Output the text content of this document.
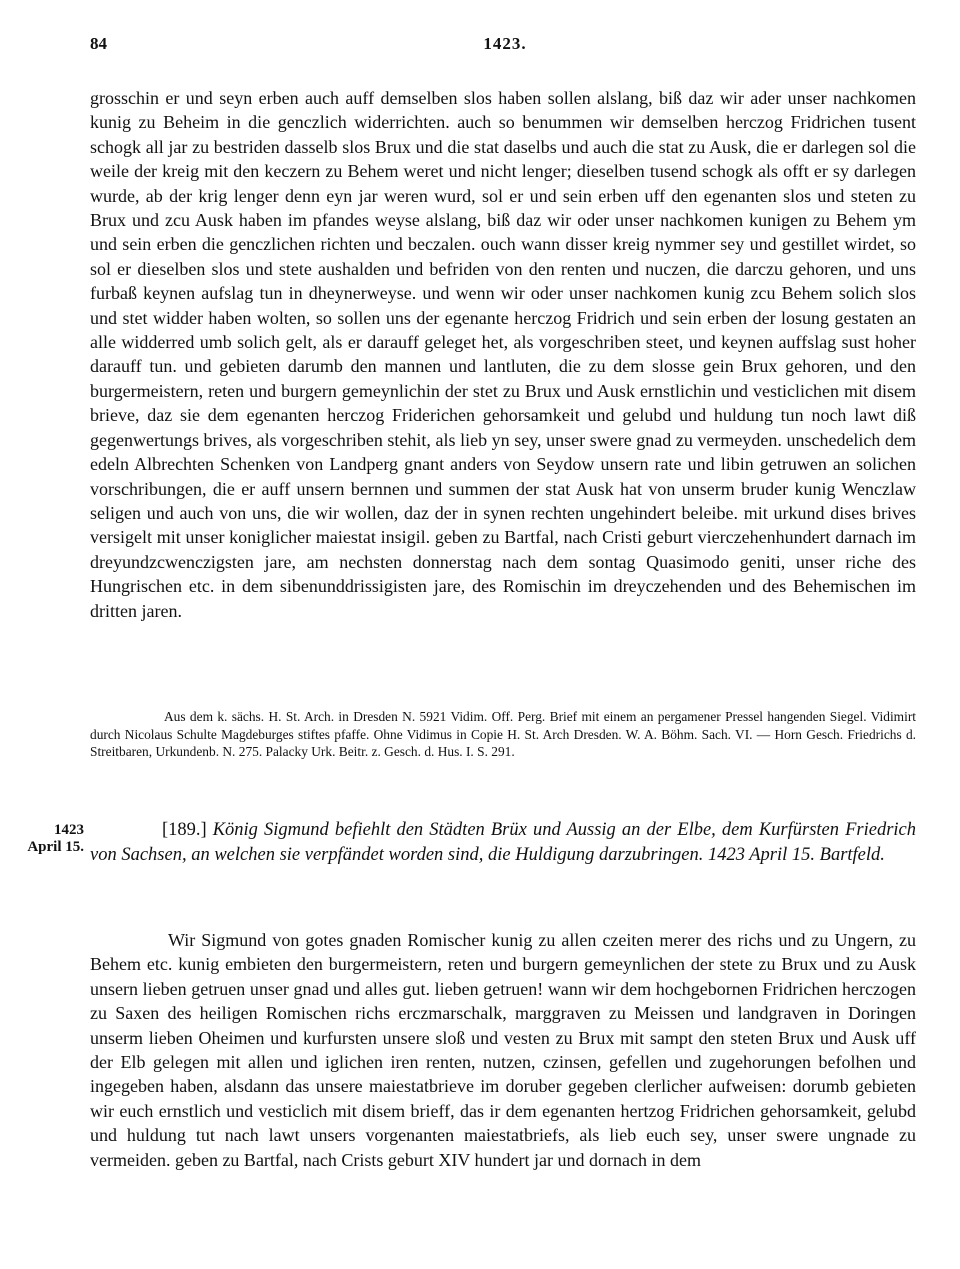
84	1423.
grosschin er und seyn erben auch auff demselben slos haben sollen alslang, biß daz wir ader unser nachkomen kunig zu Beheim in die genczlich widerrichten. auch so benummen wir demselben herczog Fridrichen tusent schogk all jar zu bestriden dasselb slos Brux und die stat daselbs und auch die stat zu Ausk, die er darlegen sol die weile der kreig mit den keczern zu Behem weret und nicht lenger; dieselben tusend schogk als offt er sy darlegen wurde, ab der krig lenger denn eyn jar weren wurd, sol er und sein erben uff den egenanten slos und steten zu Brux und zcu Ausk haben im pfandes weyse alslang, biß daz wir oder unser nachkomen kunigen zu Behem ym und sein erben die genczlichen richten und beczalen. ouch wann disser kreig nymmer sey und gestillet wirdet, so sol er dieselben slos und stete aushalden und befriden von den renten und nuczen, die darczu gehoren, und uns furbaß keynen aufslag tun in dheynerweyse. und wenn wir oder unser nachkomen kunig zcu Behem solich slos und stet widder haben wolten, so sollen uns der egenante herczog Fridrich und sein erben der losung gestaten an alle widderred umb solich gelt, als er darauff geleget het, als vorgeschriben steet, und keynen auffslag sust hoher darauff tun. und gebieten darumb den mannen und lantluten, die zu dem slosse gein Brux gehoren, und den burgermeistern, reten und burgern gemeynlichin der stet zu Brux und Ausk ernstlichin und vesticlichen mit disem brieve, daz sie dem egenanten herczog Friderichen gehorsamkeit und gelubd und huldung tun noch lawt diß gegenwertungs brives, als vorgeschriben stehit, als lieb yn sey, unser swere gnad zu vermeyden. unschedelich dem edeln Albrechten Schenken von Landperg gnant anders von Seydow unsern rate und libin getruwen an solichen vorschribungen, die er auff unsern bernnen und summen der stat Ausk hat von unserm bruder kunig Wenczlaw seligen und auch von uns, die wir wollen, daz der in synen rechten ungehindert beleibe. mit urkund dises brives versigelt mit unser koniglicher maiestat insigil. geben zu Bartfal, nach Cristi geburt vierczehenhundert darnach im dreyundzcwenczigsten jare, am nechsten donnerstag nach dem sontag Quasimodo geniti, unser riche des Hungrischen etc. in dem sibenunddrissigisten jare, des Romischin im dreyczehenden und des Behemischen im dritten jaren.
Aus dem k. sächs. H. St. Arch. in Dresden N. 5921 Vidim. Off. Perg. Brief mit einem an pergamener Pressel hangenden Siegel. Vidimirt durch Nicolaus Schulte Magdeburges stiftes pfaffe. Ohne Vidimus in Copie H. St. Arch Dresden. W. A. Böhm. Sach. VI. — Horn Gesch. Friedrichs d. Streitbaren, Urkundenb. N. 275. Palacky Urk. Beitr. z. Gesch. d. Hus. I. S. 291.
1423
April 15.
[189.] König Sigmund befiehlt den Städten Brüx und Aussig an der Elbe, dem Kurfürsten Friedrich von Sachsen, an welchen sie verpfändet worden sind, die Huldigung darzubringen. 1423 April 15. Bartfeld.
Wir Sigmund von gotes gnaden Romischer kunig zu allen czeiten merer des richs und zu Ungern, zu Behem etc. kunig embieten den burgermeistern, reten und burgern gemeynlichen der stete zu Brux und zu Ausk unsern lieben getruen unser gnad und alles gut. lieben getruen! wann wir dem hochgebornen Fridrichen herczogen zu Saxen des heiligen Romischen richs erczmarschalk, marggraven zu Meissen und landgraven in Doringen unserm lieben Oheimen und kurfursten unsere sloß und vesten zu Brux mit sampt den steten Brux und Ausk uff der Elb gelegen mit allen und iglichen iren renten, nutzen, czinsen, gefellen und zugehorungen befolhen und ingegeben haben, alsdann das unsere maiestatbrieve im doruber gegeben clerlicher aufweisen: dorumb gebieten wir euch ernstlich und vesticlich mit disem brieff, das ir dem egenanten hertzog Fridrichen gehorsamkeit, gelubd und huldung tut nach lawt unsers vorgenanten maiestatbriefs, als lieb euch sey, unser swere ungnade zu vermeiden. geben zu Bartfal, nach Crists geburt XIV hundert jar und dornach in dem
